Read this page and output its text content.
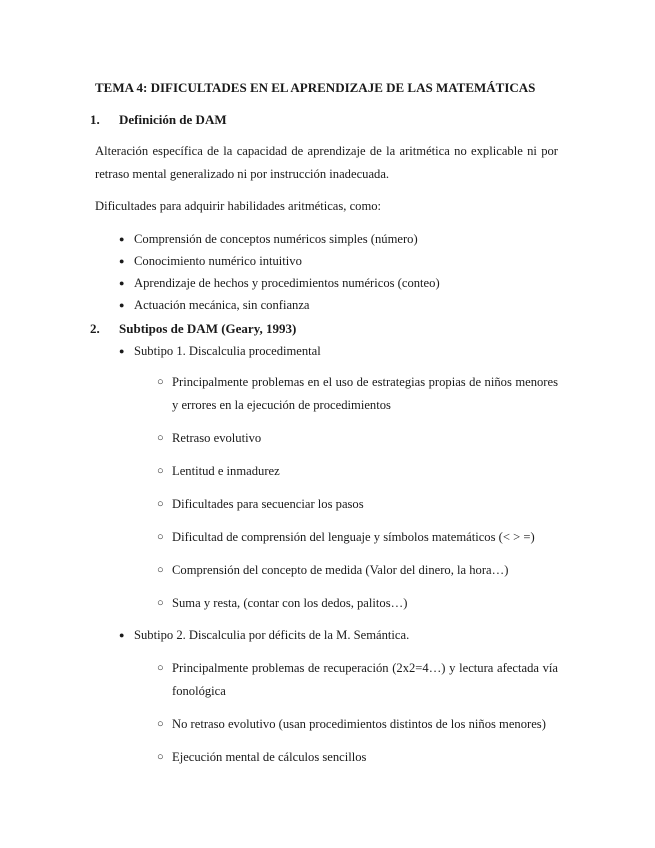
TEMA 4: DIFICULTADES EN EL APRENDIZAJE DE LAS MATEMÁTICAS
1. Definición de DAM
Alteración específica de la capacidad de aprendizaje de la aritmética no explicable ni por retraso mental generalizado ni por instrucción inadecuada.
Dificultades para adquirir habilidades aritméticas, como:
● Comprensión de conceptos numéricos simples (número)
● Conocimiento numérico intuitivo
● Aprendizaje de hechos y procedimientos numéricos (conteo)
● Actuación mecánica, sin confianza
2. Subtipos de DAM (Geary, 1993)
● Subtipo 1. Discalculia procedimental
○ Principalmente problemas en el uso de estrategias propias de niños menores y errores en la ejecución de procedimientos
○ Retraso evolutivo
○ Lentitud e inmadurez
○ Dificultades para secuenciar los pasos
○ Dificultad de comprensión del lenguaje y símbolos matemáticos (< > =)
○ Comprensión del concepto de medida (Valor del dinero, la hora…)
○ Suma y resta, (contar con los dedos, palitos…)
● Subtipo 2. Discalculia por déficits de la M. Semántica.
○ Principalmente problemas de recuperación (2x2=4…) y lectura afectada vía fonológica
○ No retraso evolutivo (usan procedimientos distintos de los niños menores)
○ Ejecución mental de cálculos sencillos
